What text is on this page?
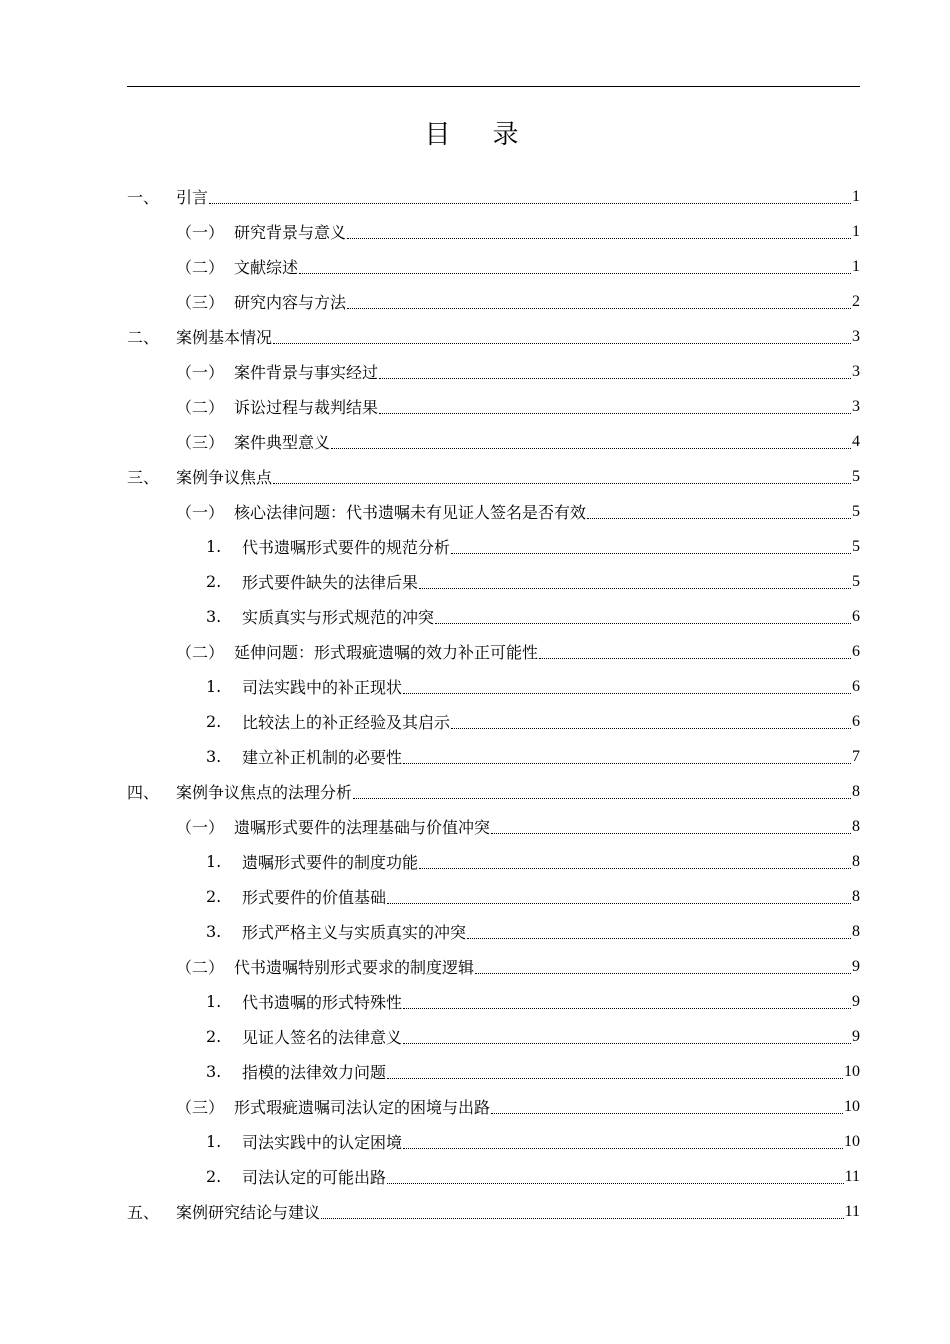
目录
一、	引言	1
（一） 研究背景与意义	1
（二） 文献综述	1
（三） 研究内容与方法	2
二、	案例基本情况	3
（一） 案件背景与事实经过	3
（二） 诉讼过程与裁判结果	3
（三） 案件典型意义	4
三、	案例争议焦点	5
（一） 核心法律问题：代书遗嘱未有见证人签名是否有效	5
1.	代书遗嘱形式要件的规范分析	5
2.	形式要件缺失的法律后果	5
3.	实质真实与形式规范的冲突	6
（二） 延伸问题：形式瑕疵遗嘱的效力补正可能性	6
1.	司法实践中的补正现状	6
2.	比较法上的补正经验及其启示	6
3.	建立补正机制的必要性	7
四、	案例争议焦点的法理分析	8
（一） 遗嘱形式要件的法理基础与价值冲突	8
1.	遗嘱形式要件的制度功能	8
2.	形式要件的价值基础	8
3.	形式严格主义与实质真实的冲突	8
（二） 代书遗嘱特别形式要求的制度逻辑	9
1.	代书遗嘱的形式特殊性	9
2.	见证人签名的法律意义	9
3.	指模的法律效力问题	10
（三） 形式瑕疵遗嘱司法认定的困境与出路	10
1.	司法实践中的认定困境	10
2.	司法认定的可能出路	11
五、	案例研究结论与建议	11
